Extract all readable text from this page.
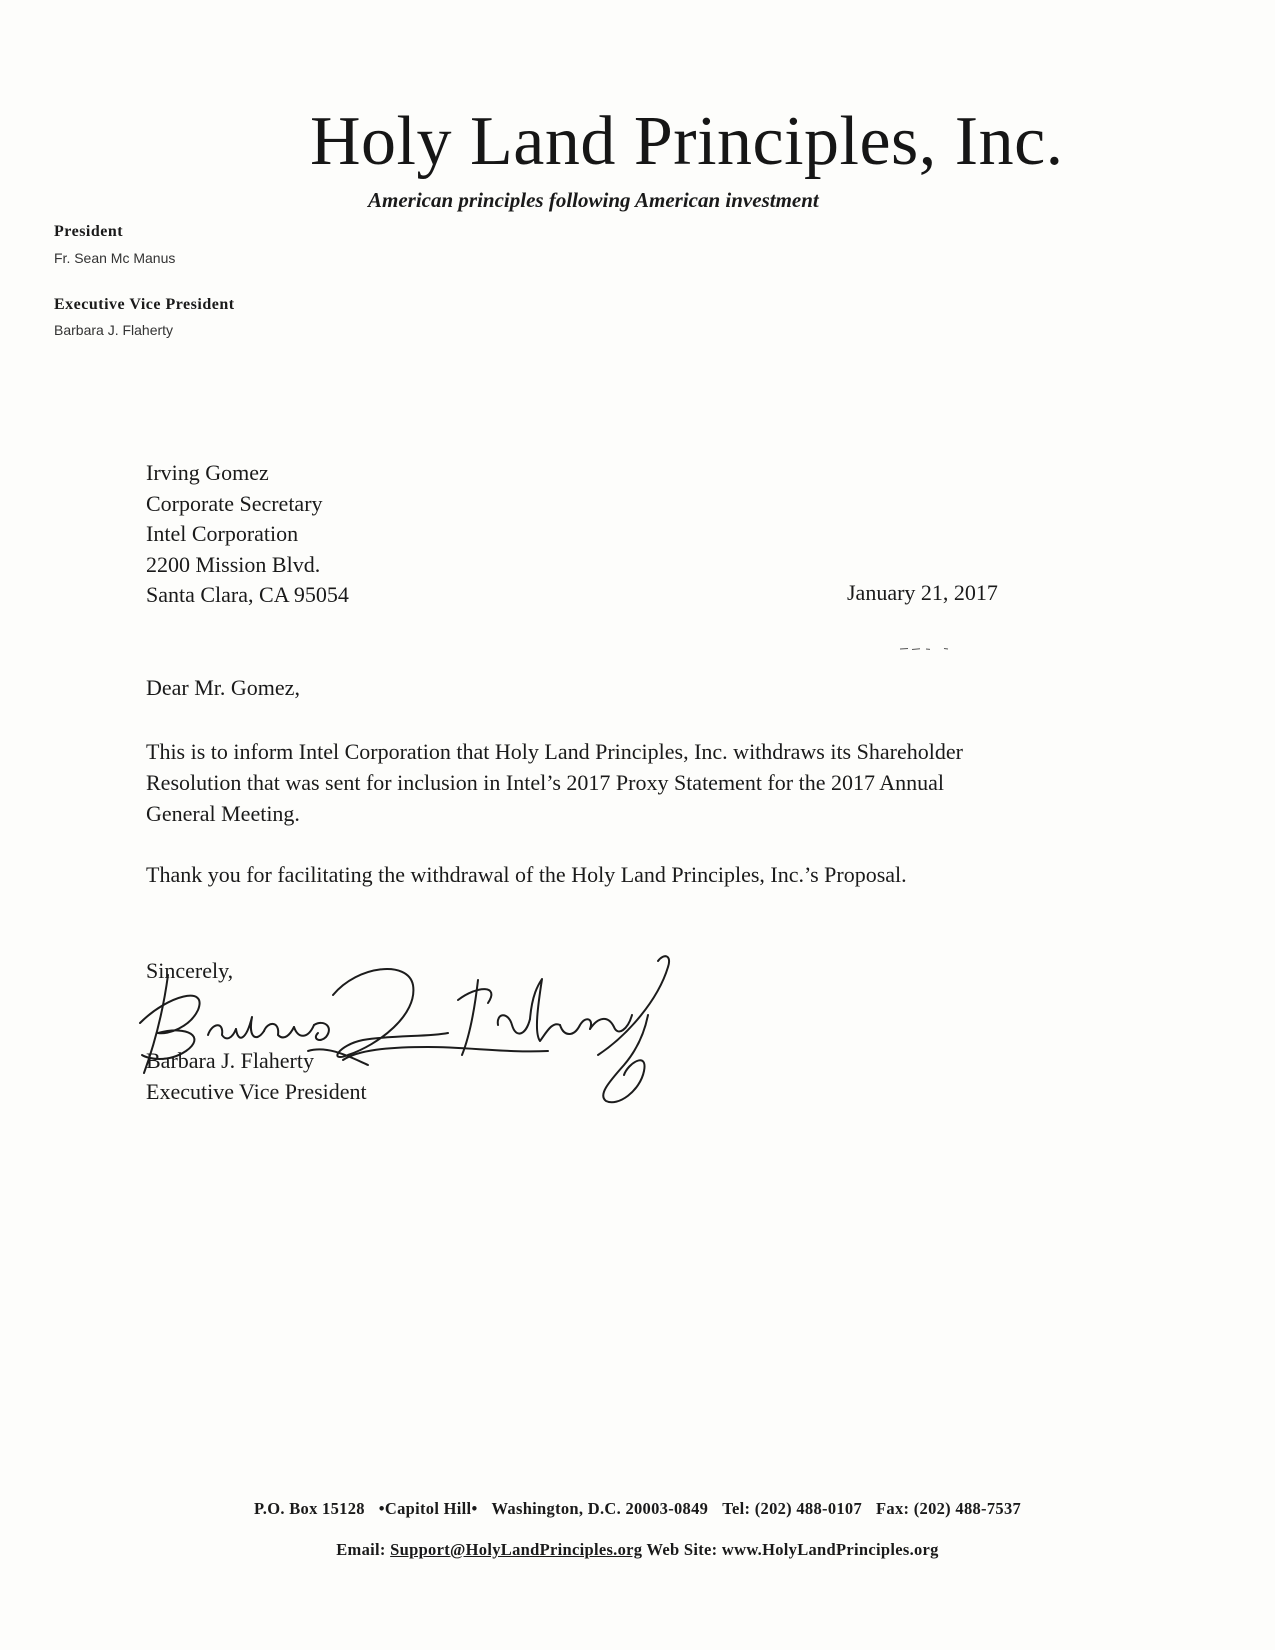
Holy Land Principles, Inc.
American principles following American investment
President
Fr. Sean Mc Manus
Executive Vice President
Barbara J. Flaherty
Irving Gomez
Corporate Secretary
Intel Corporation
2200 Mission Blvd.
Santa Clara, CA 95054	January 21, 2017
Dear Mr. Gomez,
This is to inform Intel Corporation that Holy Land Principles, Inc. withdraws its Shareholder
Resolution that was sent for inclusion in Intel’s 2017 Proxy Statement for the 2017 Annual
General Meeting.
Thank you for facilitating the withdrawal of the Holy Land Principles, Inc.’s Proposal.
Sincerely,
Barbara J. Flaherty
Executive Vice President
P.O. Box 15128 •Capitol Hill• Washington, D.C. 20003-0849 Tel: (202) 488-0107 Fax: (202) 488-7537
Email: Support@HolyLandPrinciples.org Web Site: www.HolyLandPrinciples.org
